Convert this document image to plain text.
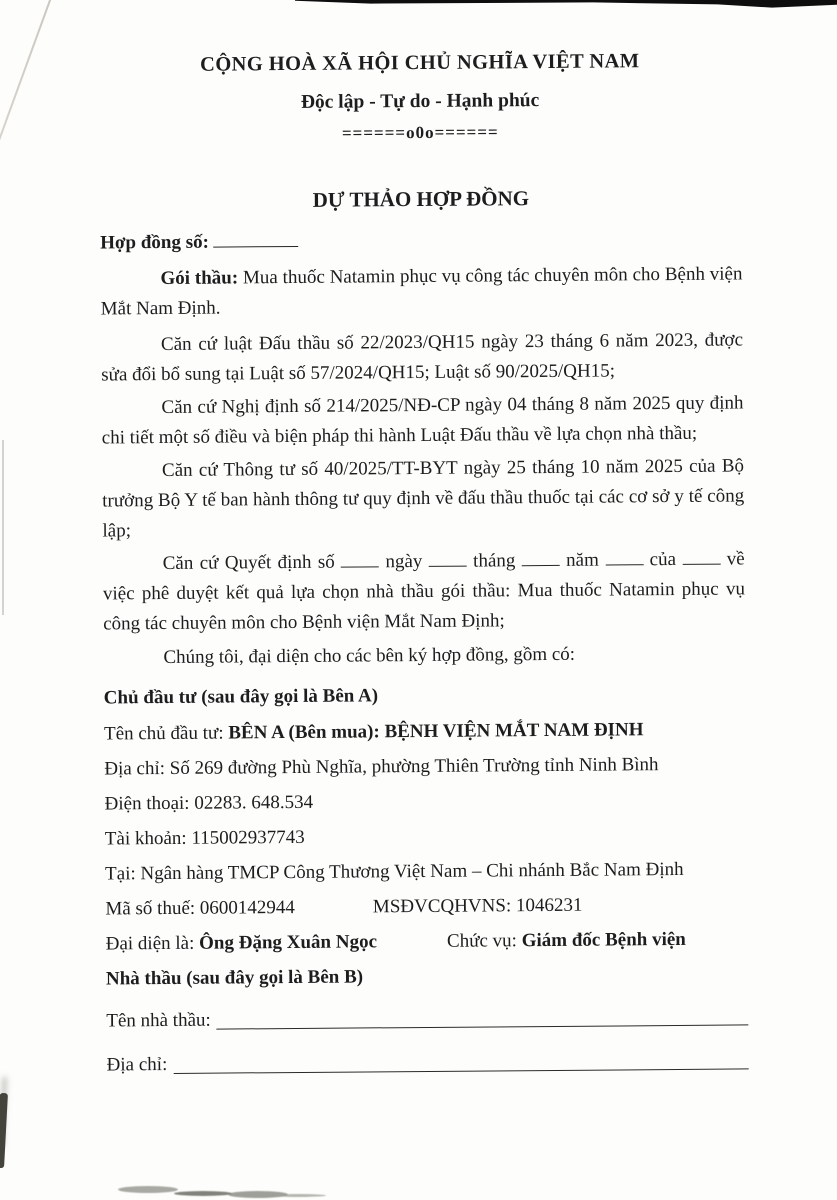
CỘNG HOÀ XÃ HỘI CHỦ NGHĨA VIỆT NAM
Độc lập - Tự do - Hạnh phúc
======o0o======
DỰ THẢO HỢP ĐỒNG
Hợp đồng số:
Gói thầu: Mua thuốc Natamin phục vụ công tác chuyên môn cho Bệnh viện Mắt Nam Định.
Căn cứ luật Đấu thầu số 22/2023/QH15 ngày 23 tháng 6 năm 2023, được sửa đổi bổ sung tại Luật số 57/2024/QH15; Luật số 90/2025/QH15;
Căn cứ Nghị định số 214/2025/NĐ-CP ngày 04 tháng 8 năm 2025 quy định chi tiết một số điều và biện pháp thi hành Luật Đấu thầu về lựa chọn nhà thầu;
Căn cứ Thông tư số 40/2025/TT-BYT ngày 25 tháng 10 năm 2025 của Bộ trưởng Bộ Y tế ban hành thông tư quy định về đấu thầu thuốc tại các cơ sở y tế công lập;
Căn cứ Quyết định số  ngày  tháng  năm  của  về việc phê duyệt kết quả lựa chọn nhà thầu gói thầu: Mua thuốc Natamin phục vụ công tác chuyên môn cho Bệnh viện Mắt Nam Định;
Chúng tôi, đại diện cho các bên ký hợp đồng, gồm có:
Chủ đầu tư (sau đây gọi là Bên A)
Tên chủ đầu tư: BÊN A (Bên mua): BỆNH VIỆN MẮT NAM ĐỊNH
Địa chỉ: Số 269 đường Phù Nghĩa, phường Thiên Trường tỉnh Ninh Bình
Điện thoại: 02283. 648.534
Tài khoản: 115002937743
Tại: Ngân hàng TMCP Công Thương Việt Nam – Chi nhánh Bắc Nam Định
Mã số thuế: 0600142944	MSĐVCQHVNS: 1046231
Đại diện là: Ông Đặng Xuân Ngọc	Chức vụ: Giám đốc Bệnh viện
Nhà thầu (sau đây gọi là Bên B)
Tên nhà thầu:
Địa chỉ:
